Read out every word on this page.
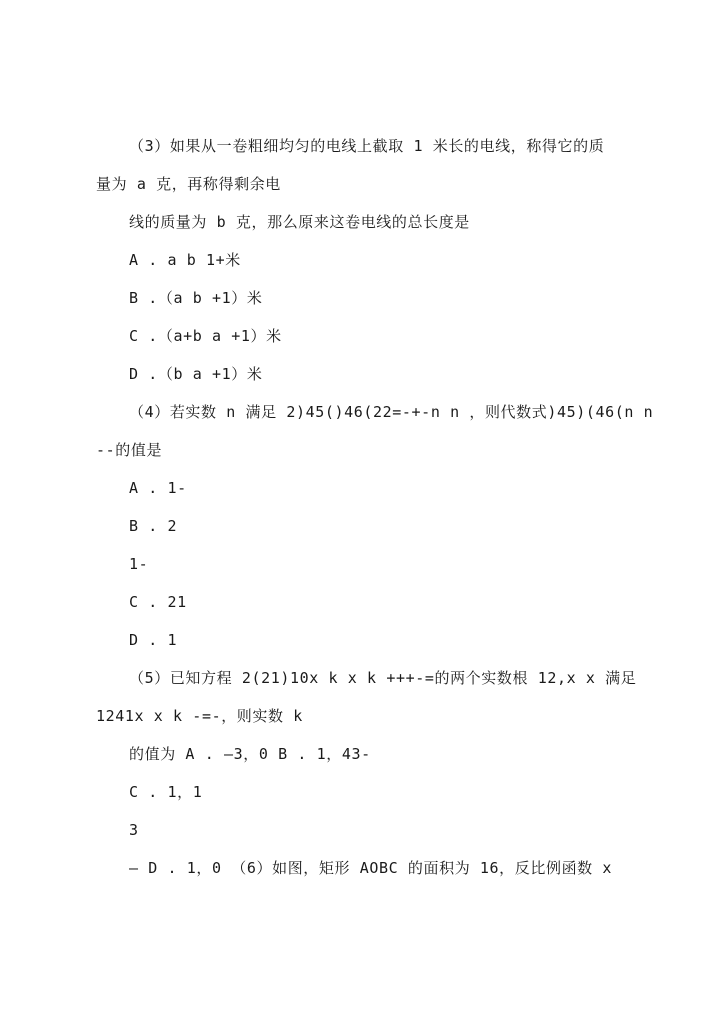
（3）如果从一卷粗细均匀的电线上截取 1 米长的电线，称得它的质
量为 a 克，再称得剩余电
线的质量为 b 克，那么原来这卷电线的总长度是
A . a b 1+米
B .（a b +1）米
C .（a+b a +1）米
D .（b a +1）米
（4）若实数 n 满足 2)45()46(22=-+-n n ，则代数式)45)(46(n n
--的值是
A . 1-
B . 2
1-
C . 21
D . 1
（5）已知方程 2(21)10x k x k +++-=的两个实数根 12,x x 满足
1241x x k -=-，则实数 k
的值为 A . —3，0 B . 1，43-
C . 1，1
3
– D . 1，0 （6）如图，矩形 AOBC 的面积为 16，反比例函数 x
